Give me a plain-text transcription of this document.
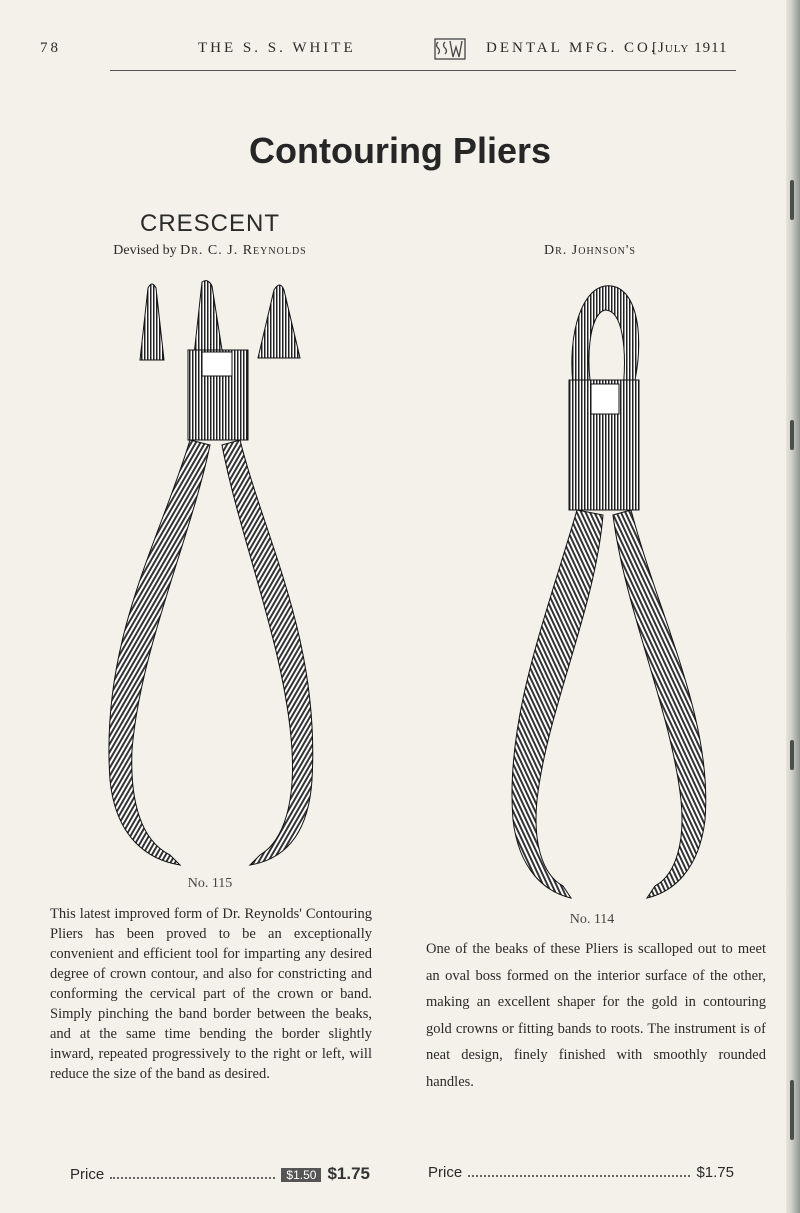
78	THE S. S. WHITE	DENTAL MFG. CO.
[July 1911
Contouring Pliers
CRESCENT
Devised by Dr. C. J. Reynolds	Dr. Johnson's
No. 115
No. 114
This latest improved form of Dr. Reynolds' Contouring Pliers has been proved to be an exceptionally convenient and efficient tool for imparting any desired degree of crown contour, and also for constricting and conforming the cervical part of the crown or band. Simply pinching the band border between the beaks, and at the same time bending the border slightly inward, repeated progressively to the right or left, will reduce the size of the band as desired.
One of the beaks of these Pliers is scalloped out to meet an oval boss formed on the interior surface of the other, making an excellent shaper for the gold in contouring gold crowns or fitting bands to roots. The instrument is of neat design, finely finished with smoothly rounded handles.
Price	$1.50 $1.75	Price	$1.75
